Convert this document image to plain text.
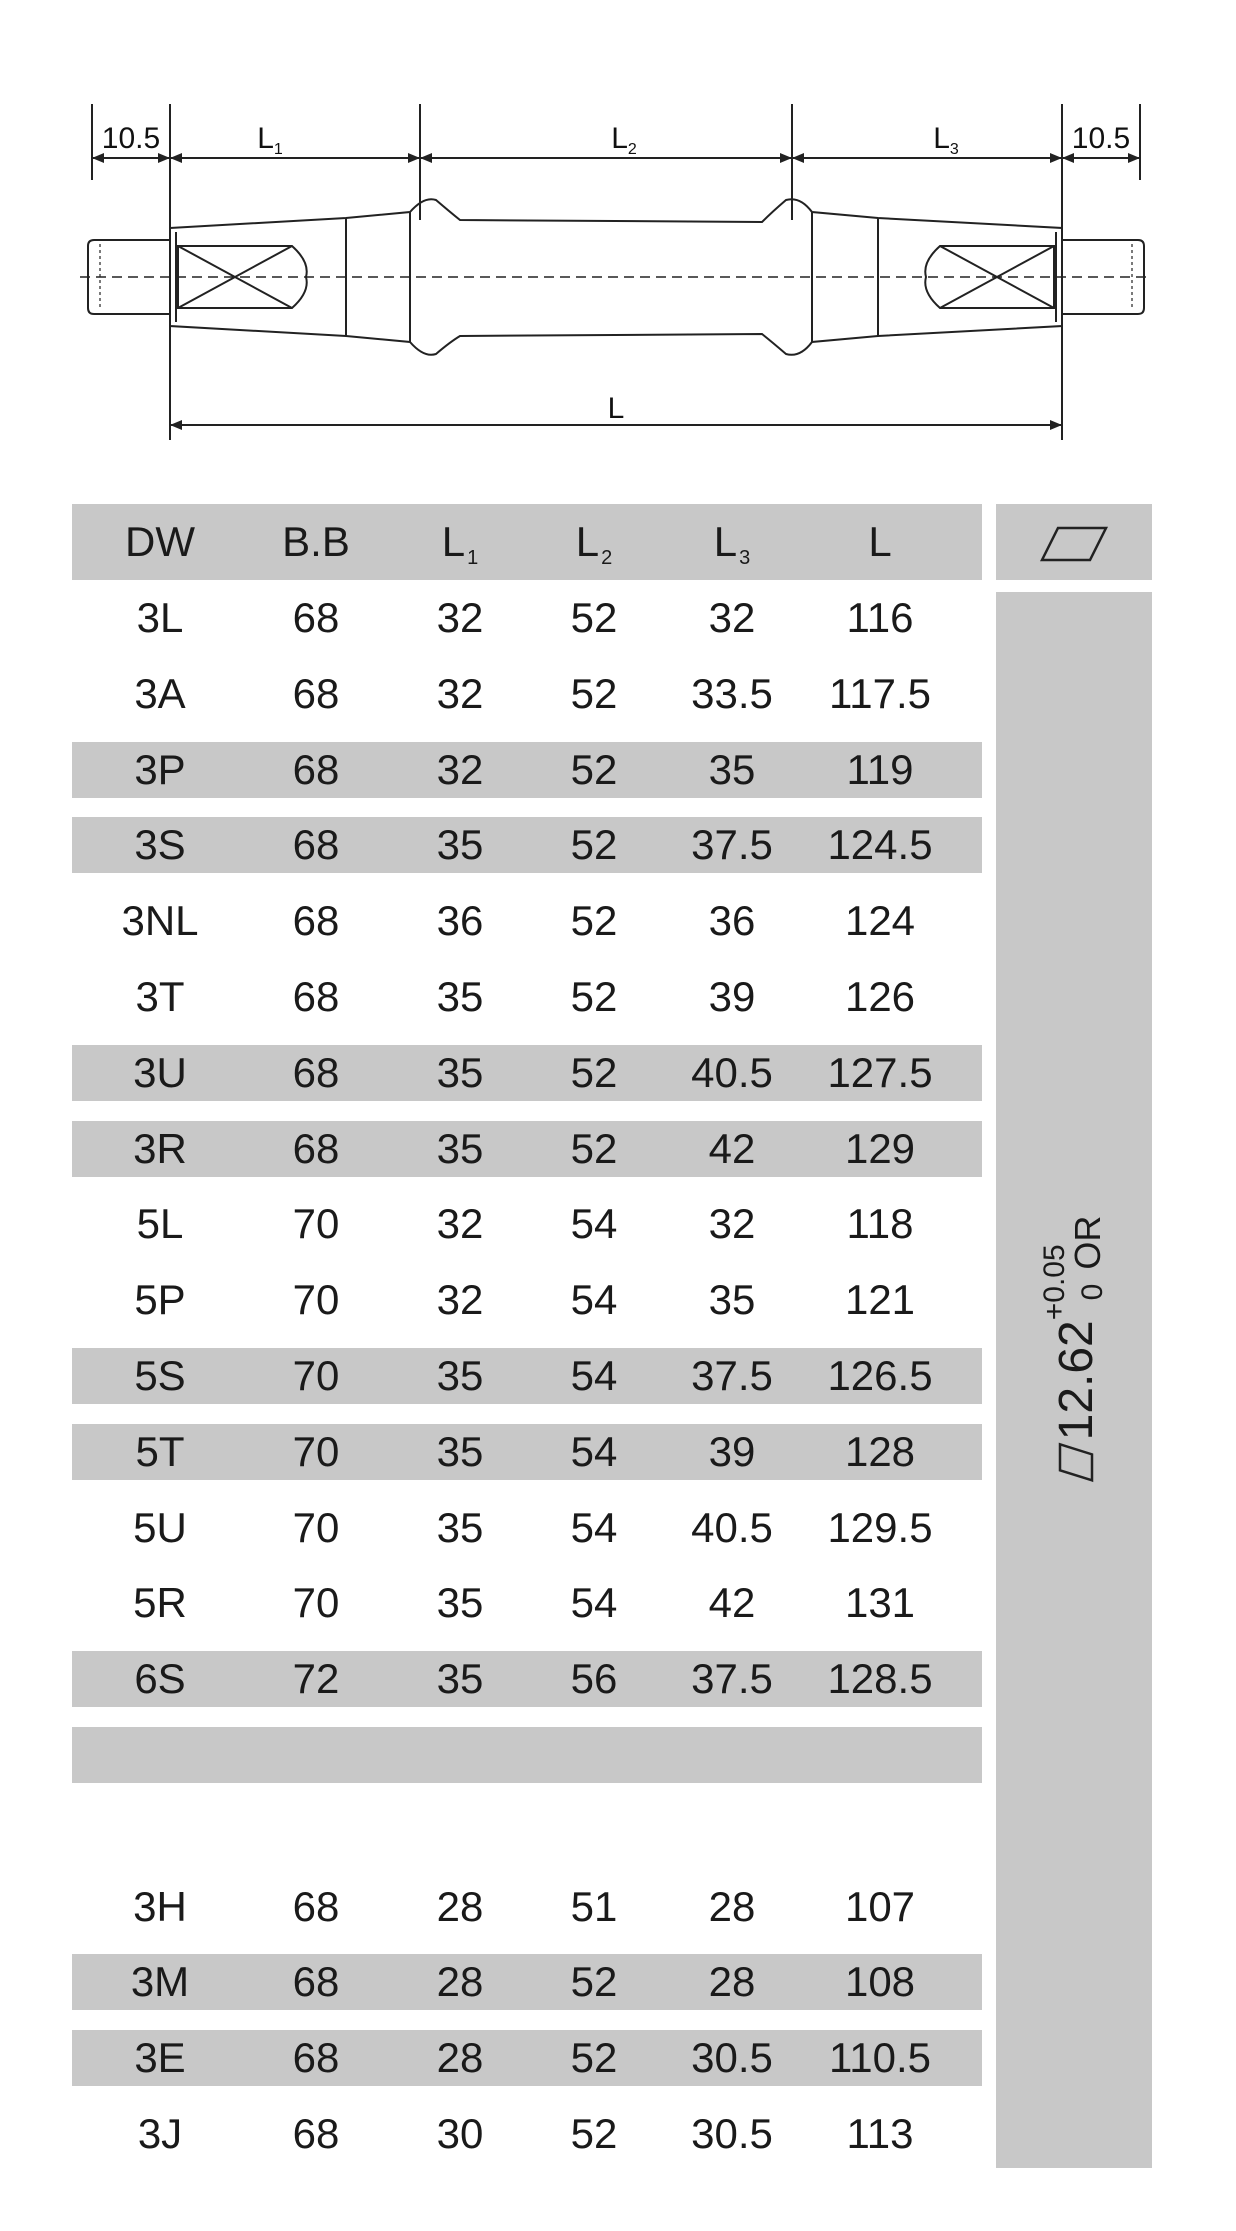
10.5	$L_1$	$L_2$	$L_3$	10.5
L
DW B.B L $_1$ L $_2$ L $_3$	L
3L	68 32 52 32 116
3A	68 32 52 33.5 117.5
3P	68 32 52 35 119
3S	68 35 52 37.5 124.5
3NL 68 36 52 36 124
3T	68 35 52 39 126
3U	68 35 52 40.5 127.5
3R	68 35 52 42 129
5L	70 32 54 32 118
5P	70 32 54 35 121
5S	70 35 54 37.5 126.5
5T	70 35 54 39 128
5U	70 35 54 40.5 129.5
5R	70 35 54 42 131
6S	72 35 56 37.5 128.5
3H	68 28 51 28 107
3M 68 28 52 28 108
3E	68 28 52 30.5 110.5
3J	68 30 52 30.5 113
$12.62^{+0.05}$ $_0$OR
